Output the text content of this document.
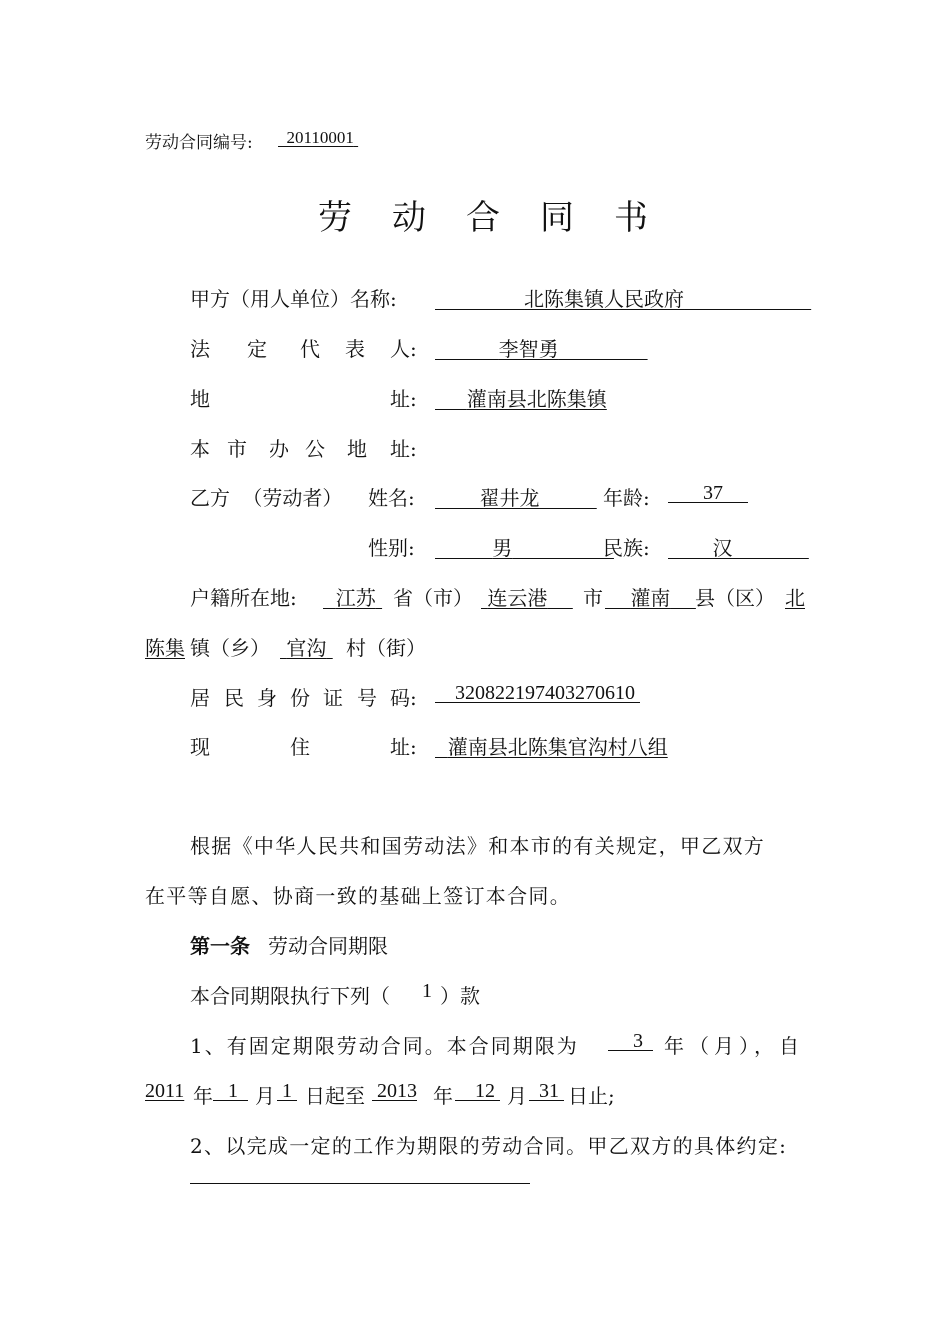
劳动合同编号:	20110001
劳动合同书
甲方（用人单位）名称:	北陈集镇人民政府
法 定 代 表 人:	李智勇
地	址:	灌南县北陈集镇
本 市 办 公 地 址:
乙方 （劳动者） 姓名:	翟井龙	年龄:	37
性别:	男	民族:	汉
户籍所在地:	江苏 省（市） 连云港	市	灌南	县（区） 北
陈集 镇（乡） 官沟 村（街）
居 民 身 份 证 号 码:	320822197403270610
现	住	址:	灌南县北陈集官沟村八组
根据《中华人民共和国劳动法》和本市的有关规定，甲乙双方
在平等自愿、协商一致的基础上签订本合同。
第一条 劳动合同期限
本合同期限执行下列（ 1 ）款
1、有固定期限劳动合同。本合同期限为	3	年（月），自
2011 年 1 月 1 日起至 2013 年	12 月 31 日止;
2、以完成一定的工作为期限的劳动合同。甲乙双方的具体约定:
